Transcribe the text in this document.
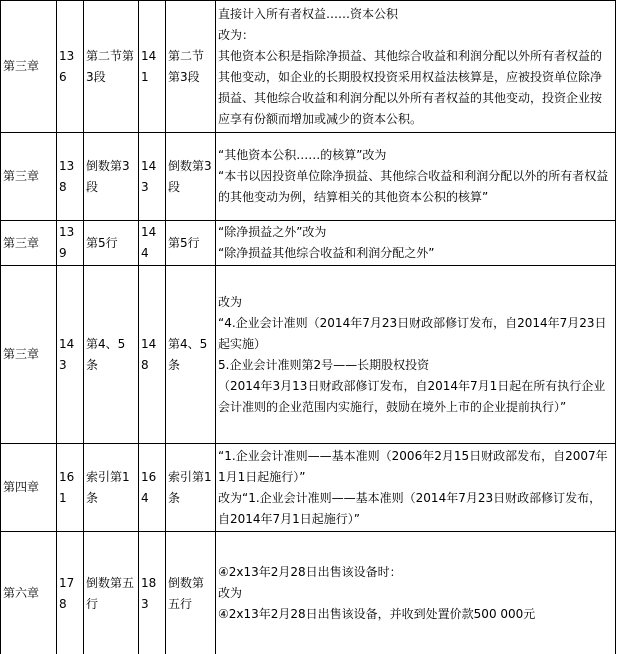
第三章	136	第二节第3段	141	第二节第3段	直接计入所有者权益……资本公积
改为：
其他资本公积是指除净损益、其他综合收益和利润分配以外所有者权益的其他变动，如企业的长期股权投资采用权益法核算是，应被投资单位除净损益、其他综合收益和利润分配以外所有者权益的其他变动，投资企业按应享有份额而增加或减少的资本公积。

第三章	138	倒数第3段	143	倒数第3段	“其他资本公积……的核算”改为
“本书以因投资单位除净损益、其他综合收益和利润分配以外的所有者权益的其他变动为例，结算相关的其他资本公积的核算”

第三章	139	第5行	144	第5行	“除净损益之外”改为
“除净损益其他综合收益和利润分配之外”

第三章	143	第4、5条	148	第4、5条	改为
“4.企业会计准则（2014年7月23日财政部修订发布，自2014年7月23日起实施）
5.企业会计准则第2号——长期股权投资
（2014年3月13日财政部修订发布，自2014年7月1日起在所有执行企业会计准则的企业范围内实施行，鼓励在境外上市的企业提前执行）”

第四章	161	索引第1条	164	索引第1条	“1.企业会计准则——基本准则（2006年2月15日财政部发布，自2007年1月1日起施行）”
改为“1.企业会计准则——基本准则（2014年7月23日财政部修订发布，自2014年7月1日起施行）”

第六章	178	倒数第五行	183	倒数第五行	④2x13年2月28日出售该设备时：
改为
④2x13年2月28日出售该设备，并收到处置价款500 000元
